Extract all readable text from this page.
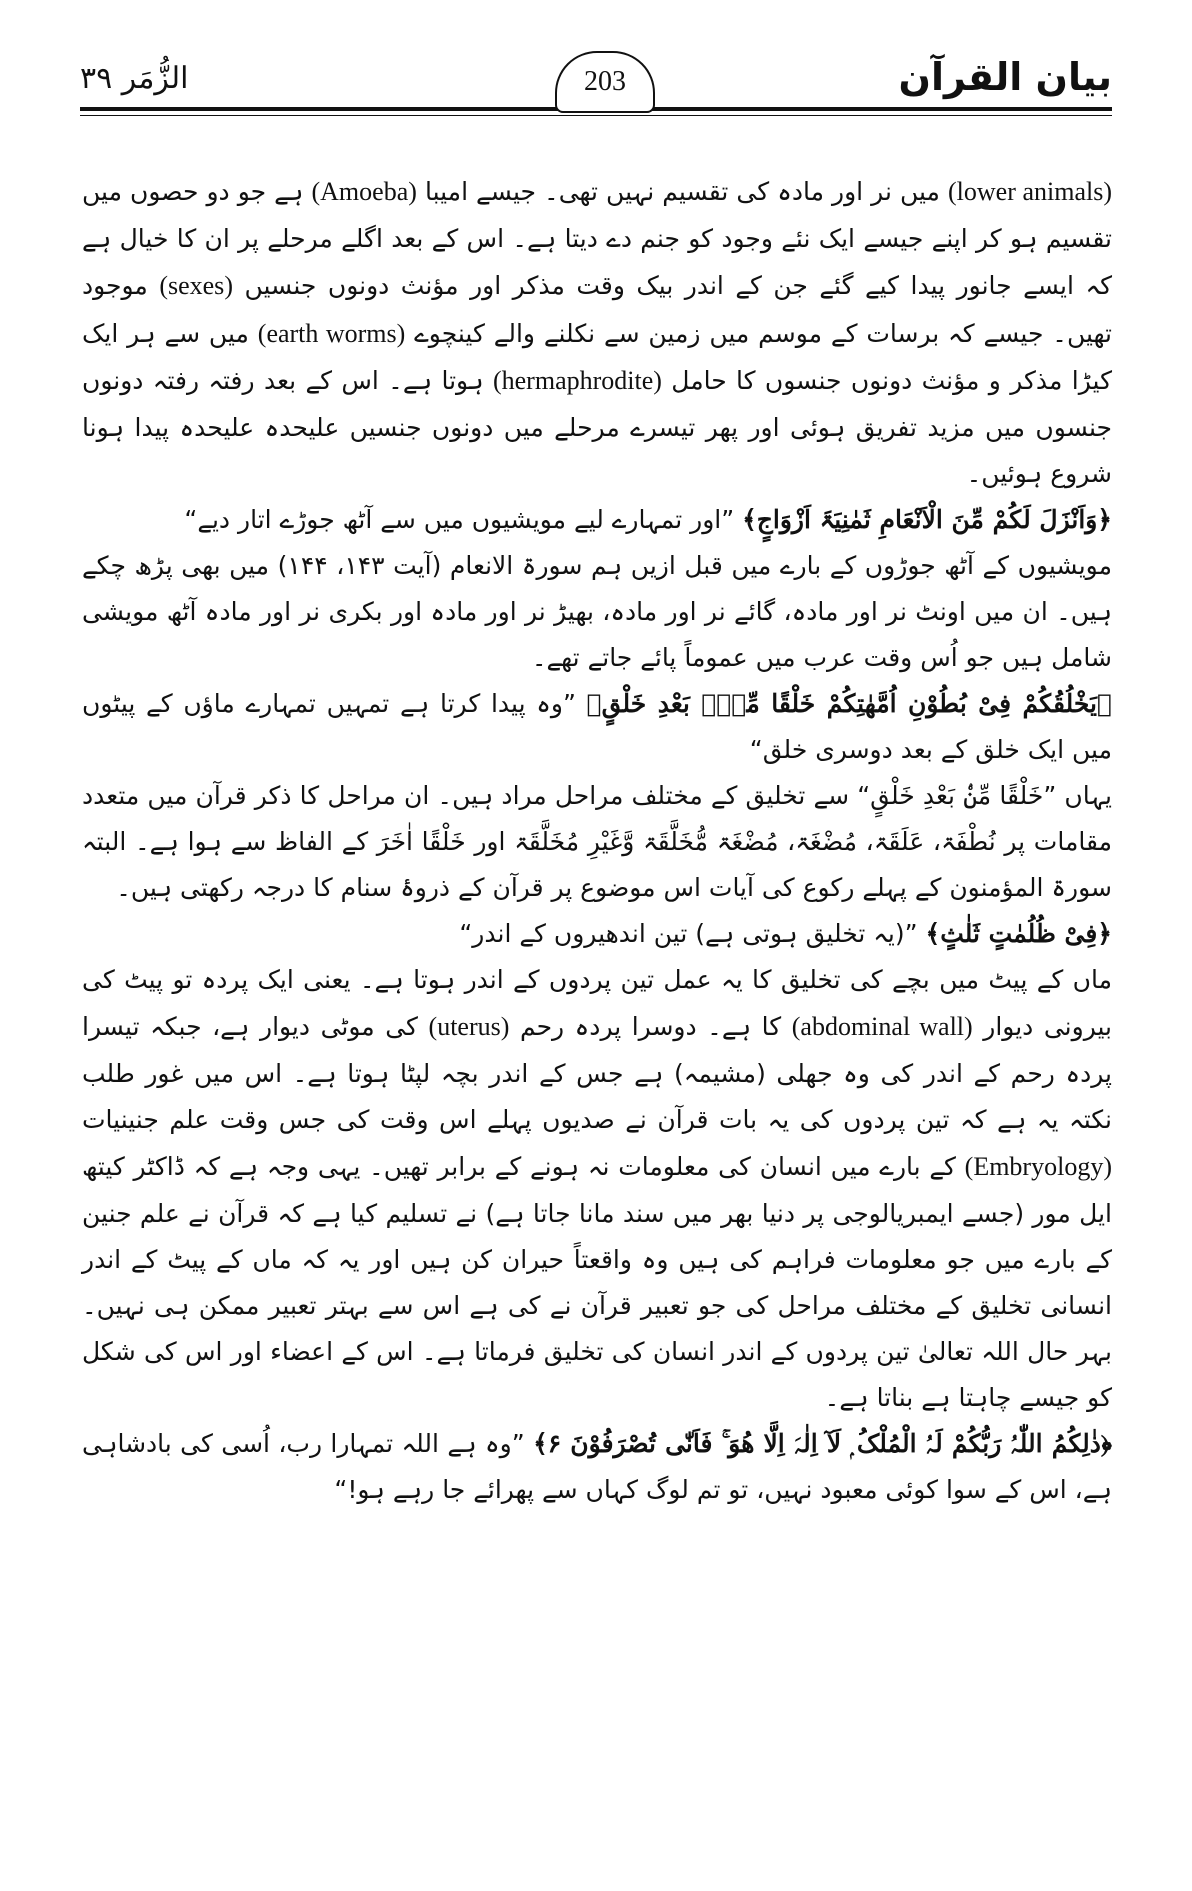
بیان القرآن
203
الزُّمَر ۳۹

(lower animals) میں نر اور مادہ کی تقسیم نہیں تھی۔ جیسے امیبا (Amoeba) ہے جو دو حصوں میں تقسیم ہو کر اپنے جیسے ایک نئے وجود کو جنم دے دیتا ہے۔ اس کے بعد اگلے مرحلے پر ان کا خیال ہے کہ ایسے جانور پیدا کیے گئے جن کے اندر بیک وقت مذکر اور مؤنث دونوں جنسیں (sexes) موجود تھیں۔ جیسے کہ برسات کے موسم میں زمین سے نکلنے والے کینچوے (earth worms) میں سے ہر ایک کیڑا مذکر و مؤنث دونوں جنسوں کا حامل (hermaphrodite) ہوتا ہے۔ اس کے بعد رفتہ رفتہ دونوں جنسوں میں مزید تفریق ہوئی اور پھر تیسرے مرحلے میں دونوں جنسیں علیحدہ علیحدہ پیدا ہونا شروع ہوئیں۔

﴿وَاَنْزَلَ لَکُمْ مِّنَ الْاَنْعَامِ ثَمٰنِیَۃَ اَزْوَاجٍ﴾ ”اور تمہارے لیے مویشیوں میں سے آٹھ جوڑے اتار دیے“

مویشیوں کے آٹھ جوڑوں کے بارے میں قبل ازیں ہم سورۃ الانعام (آیت ۱۴۳، ۱۴۴) میں بھی پڑھ چکے ہیں۔ ان میں اونٹ نر اور مادہ، گائے نر اور مادہ، بھیڑ نر اور مادہ اور بکری نر اور مادہ آٹھ مویشی شامل ہیں جو اُس وقت عرب میں عموماً پائے جاتے تھے۔

﴿یَخْلُقُکُمْ فِیْ بُطُوْنِ اُمَّھٰتِکُمْ خَلْقًا مِّنْۢ بَعْدِ خَلْقٍ﴾ ”وہ پیدا کرتا ہے تمہیں تمہارے ماؤں کے پیٹوں میں ایک خلق کے بعد دوسری خلق“

یہاں ”خَلْقًا مِّنْۢ بَعْدِ خَلْقٍ“ سے تخلیق کے مختلف مراحل مراد ہیں۔ ان مراحل کا ذکر قرآن میں متعدد مقامات پر نُطْفَۃ، عَلَقَۃ، مُضْغَۃ، مُضْغَۃ مُّخَلَّقَۃ وَّغَیْرِ مُخَلَّقَۃ اور خَلْقًا اٰخَرَ کے الفاظ سے ہوا ہے۔ البتہ سورۃ المؤمنون کے پہلے رکوع کی آیات اس موضوع پر قرآن کے ذروۂ سنام کا درجہ رکھتی ہیں۔

﴿فِیْ ظُلُمٰتٍ ثَلٰثٍ﴾ ”(یہ تخلیق ہوتی ہے) تین اندھیروں کے اندر“

ماں کے پیٹ میں بچے کی تخلیق کا یہ عمل تین پردوں کے اندر ہوتا ہے۔ یعنی ایک پردہ تو پیٹ کی بیرونی دیوار (abdominal wall) کا ہے۔ دوسرا پردہ رحم (uterus) کی موٹی دیوار ہے، جبکہ تیسرا پردہ رحم کے اندر کی وہ جھلی (مشیمہ) ہے جس کے اندر بچہ لپٹا ہوتا ہے۔ اس میں غور طلب نکتہ یہ ہے کہ تین پردوں کی یہ بات قرآن نے صدیوں پہلے اس وقت کی جس وقت علم جنینیات (Embryology) کے بارے میں انسان کی معلومات نہ ہونے کے برابر تھیں۔ یہی وجہ ہے کہ ڈاکٹر کیتھ ایل مور (جسے ایمبریالوجی پر دنیا بھر میں سند مانا جاتا ہے) نے تسلیم کیا ہے کہ قرآن نے علم جنین کے بارے میں جو معلومات فراہم کی ہیں وہ واقعتاً حیران کن ہیں اور یہ کہ ماں کے پیٹ کے اندر انسانی تخلیق کے مختلف مراحل کی جو تعبیر قرآن نے کی ہے اس سے بہتر تعبیر ممکن ہی نہیں۔ بہر حال اللہ تعالیٰ تین پردوں کے اندر انسان کی تخلیق فرماتا ہے۔ اس کے اعضاء اور اس کی شکل کو جیسے چاہتا ہے بناتا ہے۔

﴿ذٰلِکُمُ اللّٰہُ رَبُّکُمْ لَہُ الْمُلْکُ ۭ لَآ اِلٰہَ اِلَّا ھُوَ ۚ فَاَنّٰی تُصْرَفُوْنَ ۶﴾ ”وہ ہے اللہ تمہارا رب، اُسی کی بادشاہی ہے، اس کے سوا کوئی معبود نہیں، تو تم لوگ کہاں سے پھرائے جا رہے ہو!“
